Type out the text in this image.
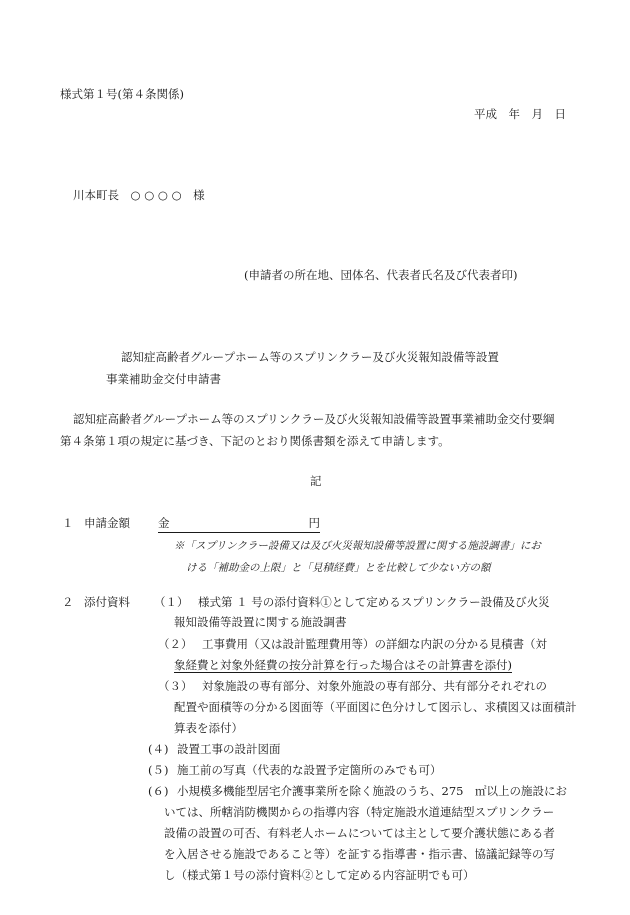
様式第１号(第４条関係)
平成　年　月　日
川本町長　○ ○ ○ ○　様
(申請者の所在地、団体名、代表者氏名及び代表者印)
認知症高齢者グループホーム等のスプリンクラー及び火災報知設備等設置
事業補助金交付申請書
認知症高齢者グループホーム等のスプリンクラー及び火災報知設備等設置事業補助金交付要綱
第４条第１項の規定に基づき、下記のとおり関係書類を添えて申請します。
記
１ 申請金額 金	円
※「スプリンクラー設備又は及び火災報知設備等設置に関する施設調書」にお
ける「補助金の上限」と「見積経費」とを比較して少ない方の額
２ 添付資料 （１） 様式第 １ 号の添付資料①として定めるスプリンクラー設備及び火災
報知設備等設置に関する施設調書
（２） 工事費用（又は設計監理費用等）の詳細な内訳の分かる見積書（対
象経費と対象外経費の按分計算を行った場合はその計算書を添付)
（３） 対象施設の専有部分、対象外施設の専有部分、共有部分それぞれの
配置や面積等の分かる図面等（平面図に色分けして図示し、求積図又は面積計
算表を添付）
(４) 設置工事の設計図面
(５) 施工前の写真（代表的な設置予定箇所のみでも可）
(６) 小規模多機能型居宅介護事業所を除く施設のうち、275　㎡以上の施設にお
いては、所轄消防機関からの指導内容（特定施設水道連結型スプリンクラー
設備の設置の可否、有料老人ホームについては主として要介護状態にある者
を入居させる施設であること等）を証する指導書・指示書、協議記録等の写
し（様式第１号の添付資料②として定める内容証明でも可）
